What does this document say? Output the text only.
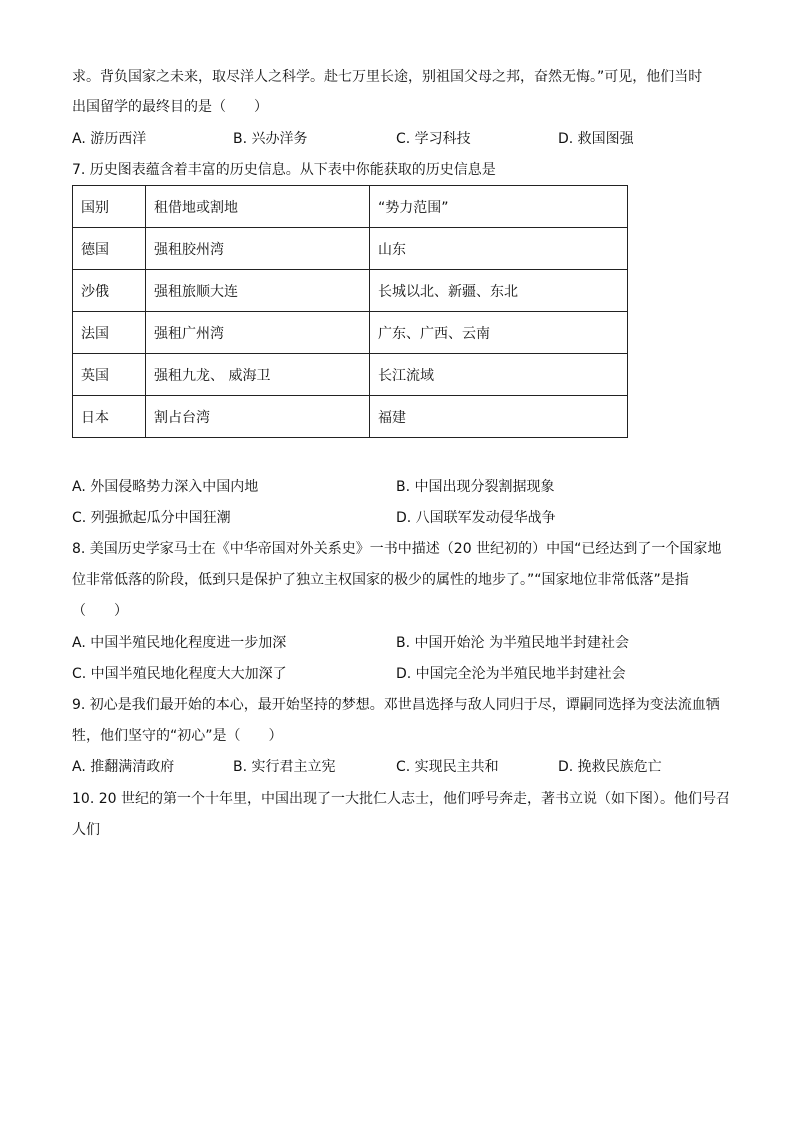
求。背负国家之未来，取尽洋人之科学。赴七万里长途，别祖国父母之邦，奋然无悔。”可见，他们当时
出国留学的最终目的是（　　）
A. 游历西洋	B. 兴办洋务	C. 学习科技	D. 救国图强
7. 历史图表蕴含着丰富的历史信息。从下表中你能获取的历史信息是
国别	租借地或割地	“势力范围”
德国	强租胶州湾	山东
沙俄	强租旅顺大连	长城以北、新疆、东北
法国	强租广州湾	广东、广西、云南
英国	强租九龙、 威海卫	长江流域
日本	割占台湾	福建
A. 外国侵略势力深入中国内地	B. 中国出现分裂割据现象
C. 列强掀起瓜分中国狂潮	D. 八国联军发动侵华战争
8. 美国历史学家马士在《中华帝国对外关系史》一书中描述（20 世纪初的）中国“已经达到了一个国家地
位非常低落的阶段，低到只是保护了独立主权国家的极少的属性的地步了。”“国家地位非常低落”是指
（　　）
A. 中国半殖民地化程度进一步加深	B. 中国开始沦 为半殖民地半封建社会
C. 中国半殖民地化程度大大加深了	D. 中国完全沦为半殖民地半封建社会
9. 初心是我们最开始的本心，最开始坚持的梦想。邓世昌选择与敌人同归于尽，谭嗣同选择为变法流血牺
牲，他们坚守的“初心”是（　　）
A. 推翻满清政府	B. 实行君主立宪	C. 实现民主共和	D. 挽救民族危亡
10. 20 世纪的第一个十年里，中国出现了一大批仁人志士，他们呼号奔走，著书立说（如下图）。他们号召
人们
